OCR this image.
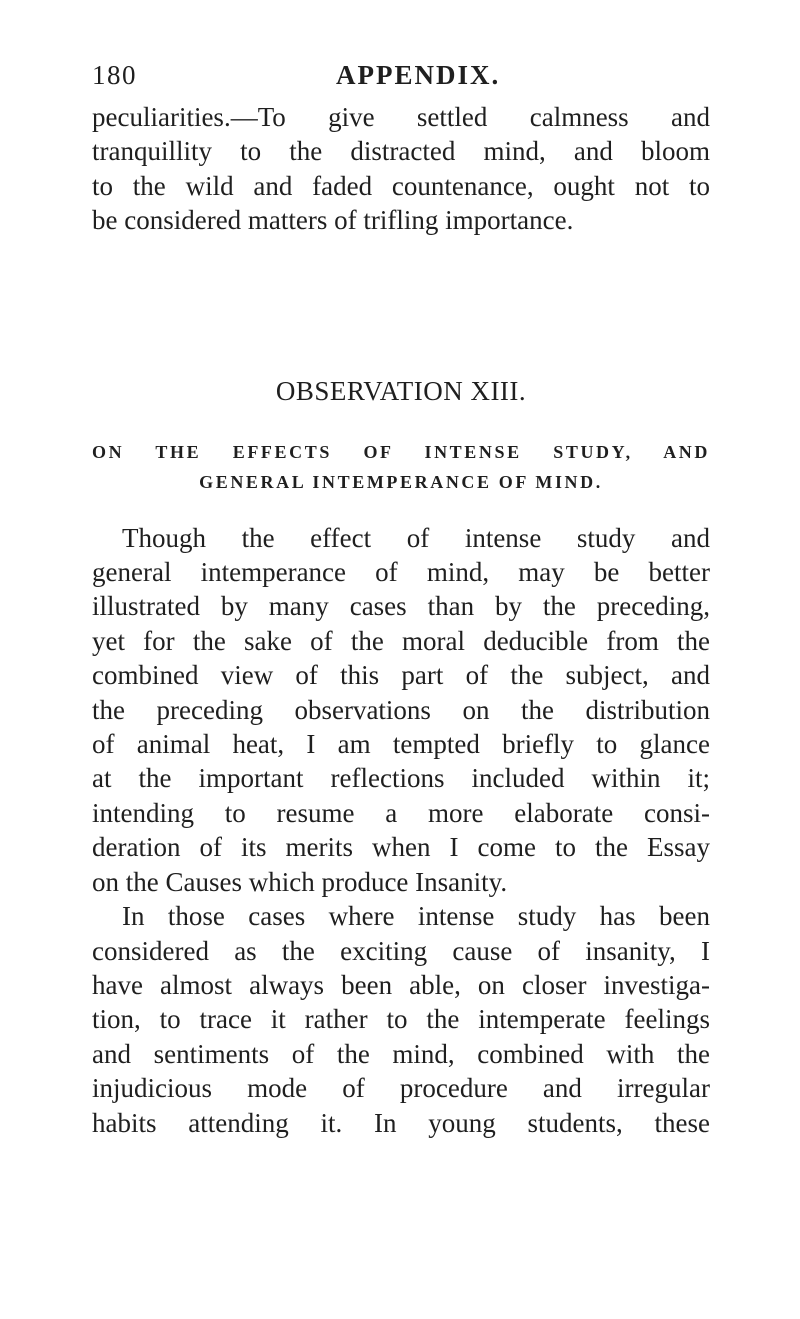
180	APPENDIX.
peculiarities.—To give settled calmness and
tranquillity to the distracted mind, and bloom
to the wild and faded countenance, ought not to
be considered matters of trifling importance.
OBSERVATION XIII.
ON THE EFFECTS OF INTENSE STUDY, AND
GENERAL INTEMPERANCE OF MIND.
Though the effect of intense study and
general intemperance of mind, may be better
illustrated by many cases than by the preceding,
yet for the sake of the moral deducible from the
combined view of this part of the subject, and
the preceding observations on the distribution
of animal heat, I am tempted briefly to glance
at the important reflections included within it;
intending to resume a more elaborate consi-
deration of its merits when I come to the Essay
on the Causes which produce Insanity.
In those cases where intense study has been
considered as the exciting cause of insanity, I
have almost always been able, on closer investiga-
tion, to trace it rather to the intemperate feelings
and sentiments of the mind, combined with the
injudicious mode of procedure and irregular
habits attending it. In young students, these
